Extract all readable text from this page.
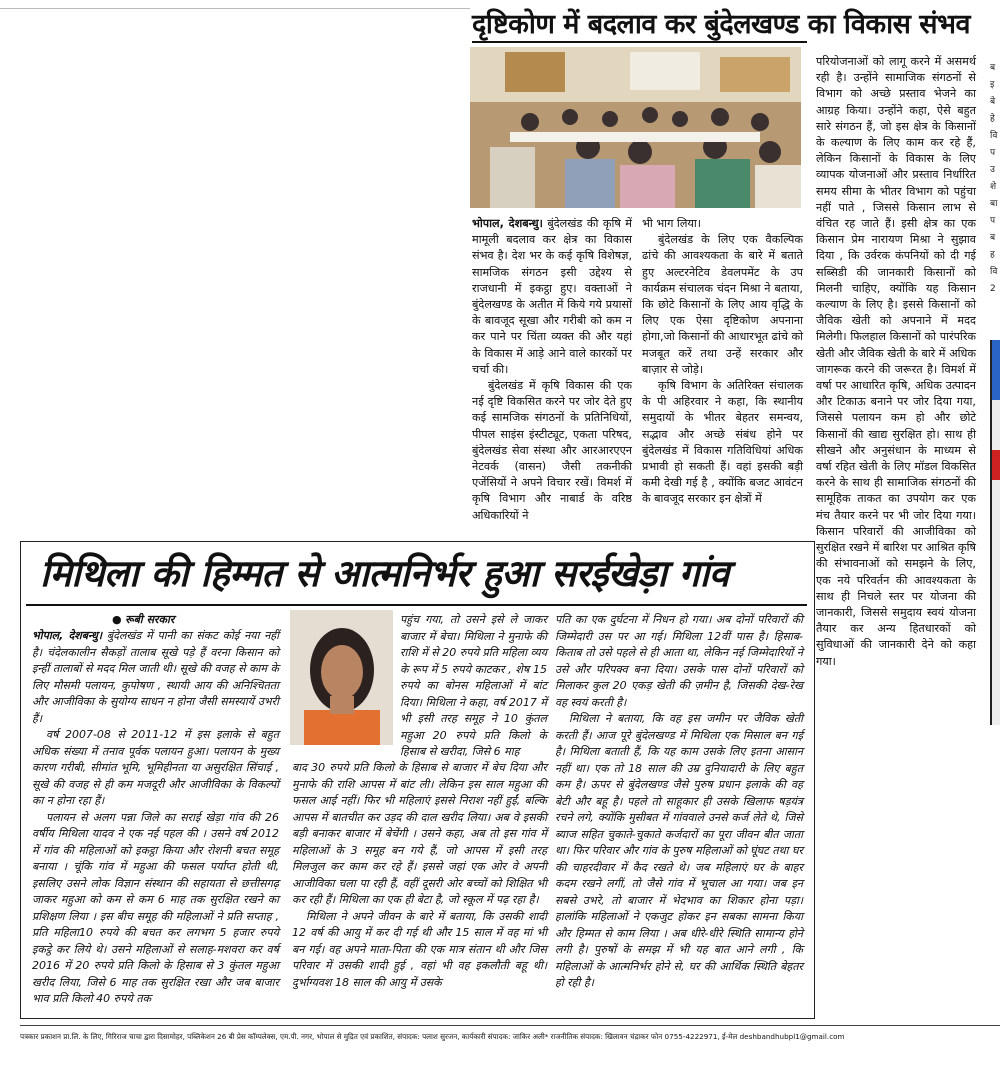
दृष्टिकोण में बदलाव कर बुंदेलखण्ड का विकास संभव

भोपाल, देशबन्धु। बुंदेलखंड की कृषि में मामूली बदलाव कर क्षेत्र का विकास संभव है। देश भर के कई कृषि विशेषज्ञ, सामजिक संगठन इसी उद्देश्य से राजधानी में इकट्ठा हुए। वक्ताओं ने बुंदेलखण्ड के अतीत में किये गये प्रयासों के बावजूद सूखा और गरीबी को कम न कर पाने पर चिंता व्यक्त की और यहां के विकास में आड़े आने वाले कारकों पर चर्चा की।

बुंदेलखंड में कृषि विकास की एक नई दृष्टि विकसित करने पर जोर देते हुए कई सामजिक संगठनों के प्रतिनिधियों, पीपल साइंस इंस्टीट्यूट, एकता परिषद, बुंदेलखंड सेवा संस्था और आरआरएएन नेटवर्क (वासन) जैसी तकनीकी एजेंसियों ने अपने विचार रखें। विमर्श में कृषि विभाग और नाबार्ड के वरिष्ठ अधिकारियों ने

भी भाग लिया।

बुंदेलखंड के लिए एक वैकल्पिक ढांचे की आवश्यकता के बारे में बताते हुए अल्टरनेटिव डेवलपमेंट के उप कार्यक्रम संचालक चंदन मिश्रा ने बताया, कि छोटे किसानों के लिए आय वृद्धि के लिए एक ऐसा दृष्टिकोण अपनाना होगा,जो किसानों की आधारभूत ढांचे को मजबूत करें तथा उन्हें सरकार और बाज़ार से जोड़े।

कृषि विभाग के अतिरिक्त संचालक के पी अहिरवार ने कहा, कि स्थानीय समुदायों के भीतर बेहतर समन्वय, सद्भाव और अच्छे संबंध होने पर बुंदेलखंड में विकास गतिविधियां अधिक प्रभावी हो सकती हैं। वहां इसकी बड़ी कमी देखी गई है , क्योंकि बजट आवंटन के बावजूद सरकार इन क्षेत्रों में

परियोजनाओं को लागू करने में असमर्थ रही है। उन्होंने सामाजिक संगठनों से विभाग को अच्छे प्रस्ताव भेजने का आग्रह किया। उन्होंने कहा, ऐसे बहुत सारे संगठन हैं, जो इस क्षेत्र के किसानों के कल्याण के लिए काम कर रहे हैं, लेकिन किसानों के विकास के लिए व्यापक योजनाओं और प्रस्ताव निर्धारित समय सीमा के भीतर विभाग को पहुंचा नहीं पाते , जिससे किसान लाभ से वंचित रह जाते हैं। इसी क्षेत्र का एक किसान प्रेम नारायण मिश्रा ने सुझाव दिया , कि उर्वरक कंपनियों को दी गई सब्सिडी की जानकारी किसानों को मिलनी चाहिए, क्योंकि यह किसान कल्याण के लिए है। इससे किसानों को जैविक खेती को अपनाने में मदद मिलेगी। फिलहाल किसानों को पारंपरिक खेती और जैविक खेती के बारे में अधिक जागरूक करने की जरूरत है। विमर्श में वर्षा पर आधारित कृषि, अधिक उत्पादन और टिकाऊ बनाने पर जोर दिया गया, जिससे पलायन कम हो और छोटे किसानों की खाद्य सुरक्षित हो। साथ ही सीखने और अनुसंधान के माध्यम से वर्षा रहित खेती के लिए मॉडल विकसित करने के साथ ही सामाजिक संगठनों की सामूहिक ताकत का उपयोग कर एक मंच तैयार करने पर भी जोर दिया गया। किसान परिवारों की आजीविका को सुरक्षित रखने में बारिश पर आश्रित कृषि की संभावनाओं को समझने के लिए, एक नये परिवर्तन की आवश्यकता के साथ ही निचले स्तर पर योजना की जानकारी, जिससे समुदाय स्वयं योजना तैयार कर अन्य हितधारकों को सुविधाओं की जानकारी देने को कहा गया।

ब
इ
बे
हे
वि
प
उ
शे
बा
प
ब
ह
वि
2
मिथिला की हिम्मत से आत्मनिर्भर हुआ सरईखेड़ा गांव

● रूबी सरकार

भोपाल, देशबन्धु। बुंदेलखंड में पानी का संकट कोई नया नहीं है। चंदेलकालीन सैकड़ों तालाब सूखे पड़े हैं वरना किसान को इन्हीं तालाबों से मदद मिल जाती थी। सूखे की वजह से काम के लिए मौसमी पलायन, कुपोषण , स्थायी आय की अनिश्चितता और आजीविका के सुयोग्य साधन न होना जैसी समस्यायें उभरी हैं।

वर्ष 2007-08 से 2011-12 में इस इलाके से बहुत अधिक संख्या में तनाव पूर्वक पलायन हुआ। पलायन के मुख्य कारण गरीबी, सीमांत भूमि, भूमिहीनता या असुरक्षित सिंचाई , सूखे की वजह से ही कम मजदूरी और आजीविका के विकल्पों का न होना रहा हैं।

पलायन से अलग पन्ना जिले का सराई खेड़ा गांव की 26 वर्षीय मिथिला यादव ने एक नई पहल की । उसने वर्ष 2012 में गांव की महिलाओं को इकट्ठा किया और रोशनी बचत समूह बनाया । चूंकि गांव में महुआ की फसल पर्याप्त होती थी, इसलिए उसने लोक विज्ञान संस्थान की सहायता से छत्तीसगढ़ जाकर महुआ को कम से कम 6 माह तक सुरक्षित रखने का प्रशिक्षण लिया । इस बीच समूह की महिलाओं ने प्रति सप्ताह , प्रति महिला10 रुपये की बचत कर लगभग 5 हजार रुपये इकट्ठे कर लिये थे। उसने महिलाओं से सलाह-मशवरा कर वर्ष 2016 में 20 रुपये प्रति किलो के हिसाब से 3 कुंतल महुआ खरीद लिया, जिसे 6 माह तक सुरक्षित रखा और जब बाजार भाव प्रति किलो 40 रुपये तक

पहुंच गया, तो उसने इसे ले जाकर बाजार में बेचा। मिथिला ने मुनाफे की राशि में से 20 रुपये प्रति महिला व्यय के रूप में 5 रुपये काटकर , शेष 15 रुपये का बोनस महिलाओं में बांट दिया। मिथिला ने कहा, वर्ष 2017 में भी इसी तरह समूह ने 10 कुंतल महुआ 20 रुपये प्रति किलो के हिसाब से खरीदा, जिसे 6 माह

बाद 30 रुपये प्रति किलो के हिसाब से बाजार में बेच दिया और मुनाफे की राशि आपस में बांट ली। लेकिन इस साल महुआ की फसल आई नहीं। फिर भी महिलाएं इससे निराश नहीं हुईं, बल्कि आपस में बातचीत कर उड़द की दाल खरीद लिया। अब वे इसकी बड़ी बनाकर बाजार में बेचेंगी । उसने कहा, अब तो इस गांव में महिलाओं के 3 समूह बन गये हैं, जो आपस में इसी तरह मिलजुल कर काम कर रहे हैं। इससे जहां एक ओर वे अपनी आजीविका चला पा रही हैं, वहीं दूसरी ओर बच्चों को शिक्षित भी कर रही हैं। मिथिला का एक ही बेटा है, जो स्कूल में पढ़ रहा है।

मिथिला ने अपने जीवन के बारे में बताया, कि उसकी शादी 12 वर्ष की आयु में कर दी गई थी और 15 साल में वह मां भी बन गई। वह अपने माता-पिता की एक मात्र संतान थी और जिस परिवार में उसकी शादी हुई , वहां भी वह इकलौती बहू थी। दुर्भाग्यवश 18 साल की आयु में उसके

पति का एक दुर्घटना में निधन हो गया। अब दोनों परिवारों की जिम्मेदारी उस पर आ गई। मिथिला 12वीं पास है। हिसाब-किताब तो उसे पहले से ही आता था, लेकिन नई जिम्मेदारियों ने उसे और परिपक्व बना दिया। उसके पास दोनों परिवारों को मिलाकर कुल 20 एकड़ खेती की ज़मीन है, जिसकी देख-रेख वह स्वयं करती है।

मिथिला ने बताया, कि वह इस जमीन पर जैविक खेती करती हैं। आज पूरे बुंदेलखण्ड में मिथिला एक मिसाल बन गई है। मिथिला बताती हैं, कि यह काम उसके लिए इतना आसान नहीं था। एक तो 18 साल की उम्र दुनियादारी के लिए बहुत कम है। ऊपर से बुंदेलखण्ड जैसे पुरुष प्रधान इलाके की वह बेटी और बहू है। पहले तो साहूकार ही उसके खिलाफ षड़यंत्र रचने लगे, क्योंकि मुसीबत में गांववाले उनसे कर्ज लेते थे, जिसे ब्याज सहित चुकाते-चुकाते कर्जदारों का पूरा जीवन बीत जाता था। फिर परिवार और गांव के पुरुष महिलाओं को घूंघट तथा घर की चाहरदीवार में कैद रखते थे। जब महिलाएं घर के बाहर कदम रखने लगीं, तो जैसे गांव में भूचाल आ गया। जब इन सबसे उभरे, तो बाजार में भेदभाव का शिकार होना पड़ा। हालांकि महिलाओं ने एकजुट होकर इन सबका सामना किया और हिम्मत से काम लिया । अब धीरे-धीरे स्थिति सामान्य होने लगी है। पुरुषों के समझ में भी यह बात आने लगी , कि महिलाओं के आत्मनिर्भर होने से, घर की आर्थिक स्थिति बेहतर हो रही है।

पत्रकार प्रकाशन प्रा.लि. के लिए, गिरिराज चाचा द्वारा दिसामोहर, पब्लिकेशन 26 बी प्रेस कॉम्पलेक्स, एम.पी. नगर, भोपाल से मुद्रित एवं प्रकाशित, संपादक: पलाश सुरजन, कार्यकारी संपादक: जाकिर अली* राजनीतिक संपादक: खिलावन चंद्राकर फोन 0755-4222971, ई-मेल deshbandhubpl1@gmail.com
